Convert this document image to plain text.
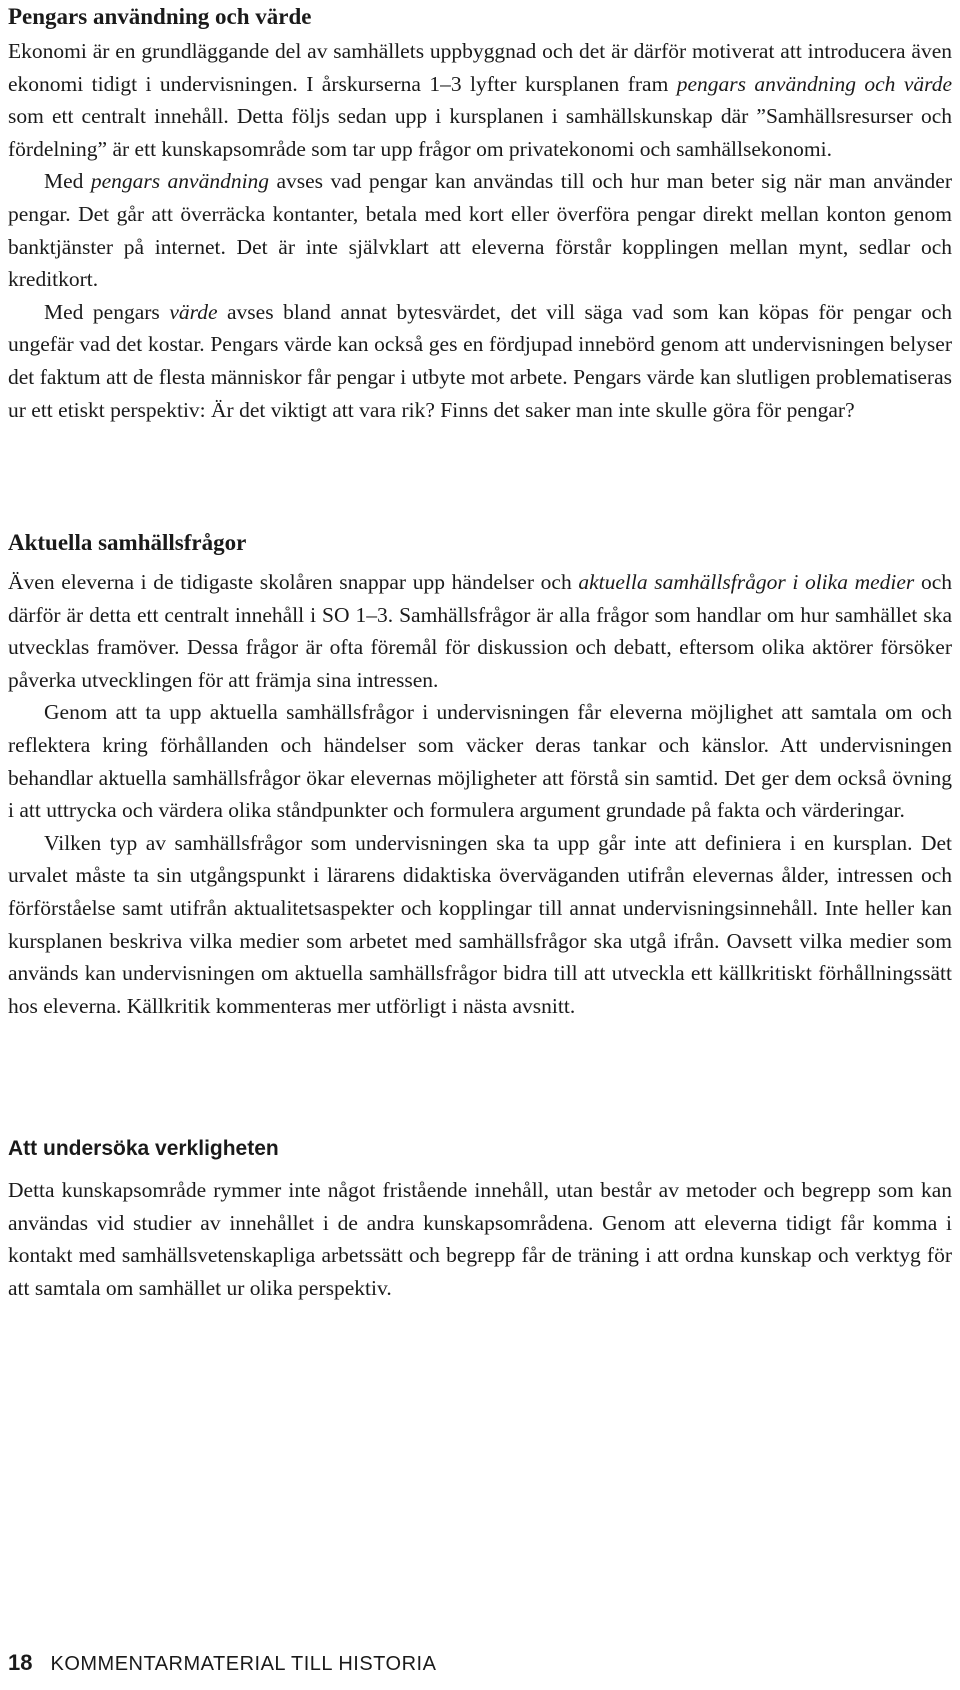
Pengars användning och värde

Ekonomi är en grundläggande del av samhällets uppbyggnad och det är därför motiverat att introducera även ekonomi tidigt i undervisningen. I årskurserna 1–3 lyfter kursplanen fram pengars användning och värde som ett centralt innehåll. Detta följs sedan upp i kursplanen i samhällskunskap där ”Samhällsresurser och fördelning” är ett kunskapsområde som tar upp frågor om privatekonomi och samhällsekonomi.

Med pengars användning avses vad pengar kan användas till och hur man beter sig när man använder pengar. Det går att överräcka kontanter, betala med kort eller överföra pengar direkt mellan konton genom banktjänster på internet. Det är inte självklart att eleverna förstår kopplingen mellan mynt, sedlar och kreditkort.

Med pengars värde avses bland annat bytesvärdet, det vill säga vad som kan köpas för pengar och ungefär vad det kostar. Pengars värde kan också ges en fördjupad innebörd genom att undervisningen belyser det faktum att de flesta människor får pengar i utbyte mot arbete. Pengars värde kan slutligen problematiseras ur ett etiskt perspektiv: Är det viktigt att vara rik? Finns det saker man inte skulle göra för pengar?

Aktuella samhällsfrågor

Även eleverna i de tidigaste skolåren snappar upp händelser och aktuella samhällsfrågor i olika medier och därför är detta ett centralt innehåll i SO 1–3. Samhällsfrågor är alla frågor som handlar om hur samhället ska utvecklas framöver. Dessa frågor är ofta föremål för diskussion och debatt, eftersom olika aktörer försöker påverka utvecklingen för att främja sina intressen.

Genom att ta upp aktuella samhällsfrågor i undervisningen får eleverna möjlighet att samtala om och reflektera kring förhållanden och händelser som väcker deras tankar och känslor. Att undervisningen behandlar aktuella samhällsfrågor ökar elevernas möjligheter att förstå sin samtid. Det ger dem också övning i att uttrycka och värdera olika ståndpunkter och formulera argument grundade på fakta och värderingar.

Vilken typ av samhällsfrågor som undervisningen ska ta upp går inte att definiera i en kursplan. Det urvalet måste ta sin utgångspunkt i lärarens didaktiska överväganden utifrån elevernas ålder, intressen och förförståelse samt utifrån aktualitetsaspekter och kopplingar till annat undervisningsinnehåll. Inte heller kan kursplanen beskriva vilka medier som arbetet med samhällsfrågor ska utgå ifrån. Oavsett vilka medier som används kan undervisningen om aktuella samhällsfrågor bidra till att utveckla ett källkritiskt förhållningssätt hos eleverna. Källkritik kommenteras mer utförligt i nästa avsnitt.

Att undersöka verkligheten

Detta kunskapsområde rymmer inte något fristående innehåll, utan består av metoder och begrepp som kan användas vid studier av innehållet i de andra kunskapsområdena. Genom att eleverna tidigt får komma i kontakt med samhällsvetenskapliga arbetssätt och begrepp får de träning i att ordna kunskap och verktyg för att samtala om samhället ur olika perspektiv.

18 KOMMENTARMATERIAL TILL HISTORIA
